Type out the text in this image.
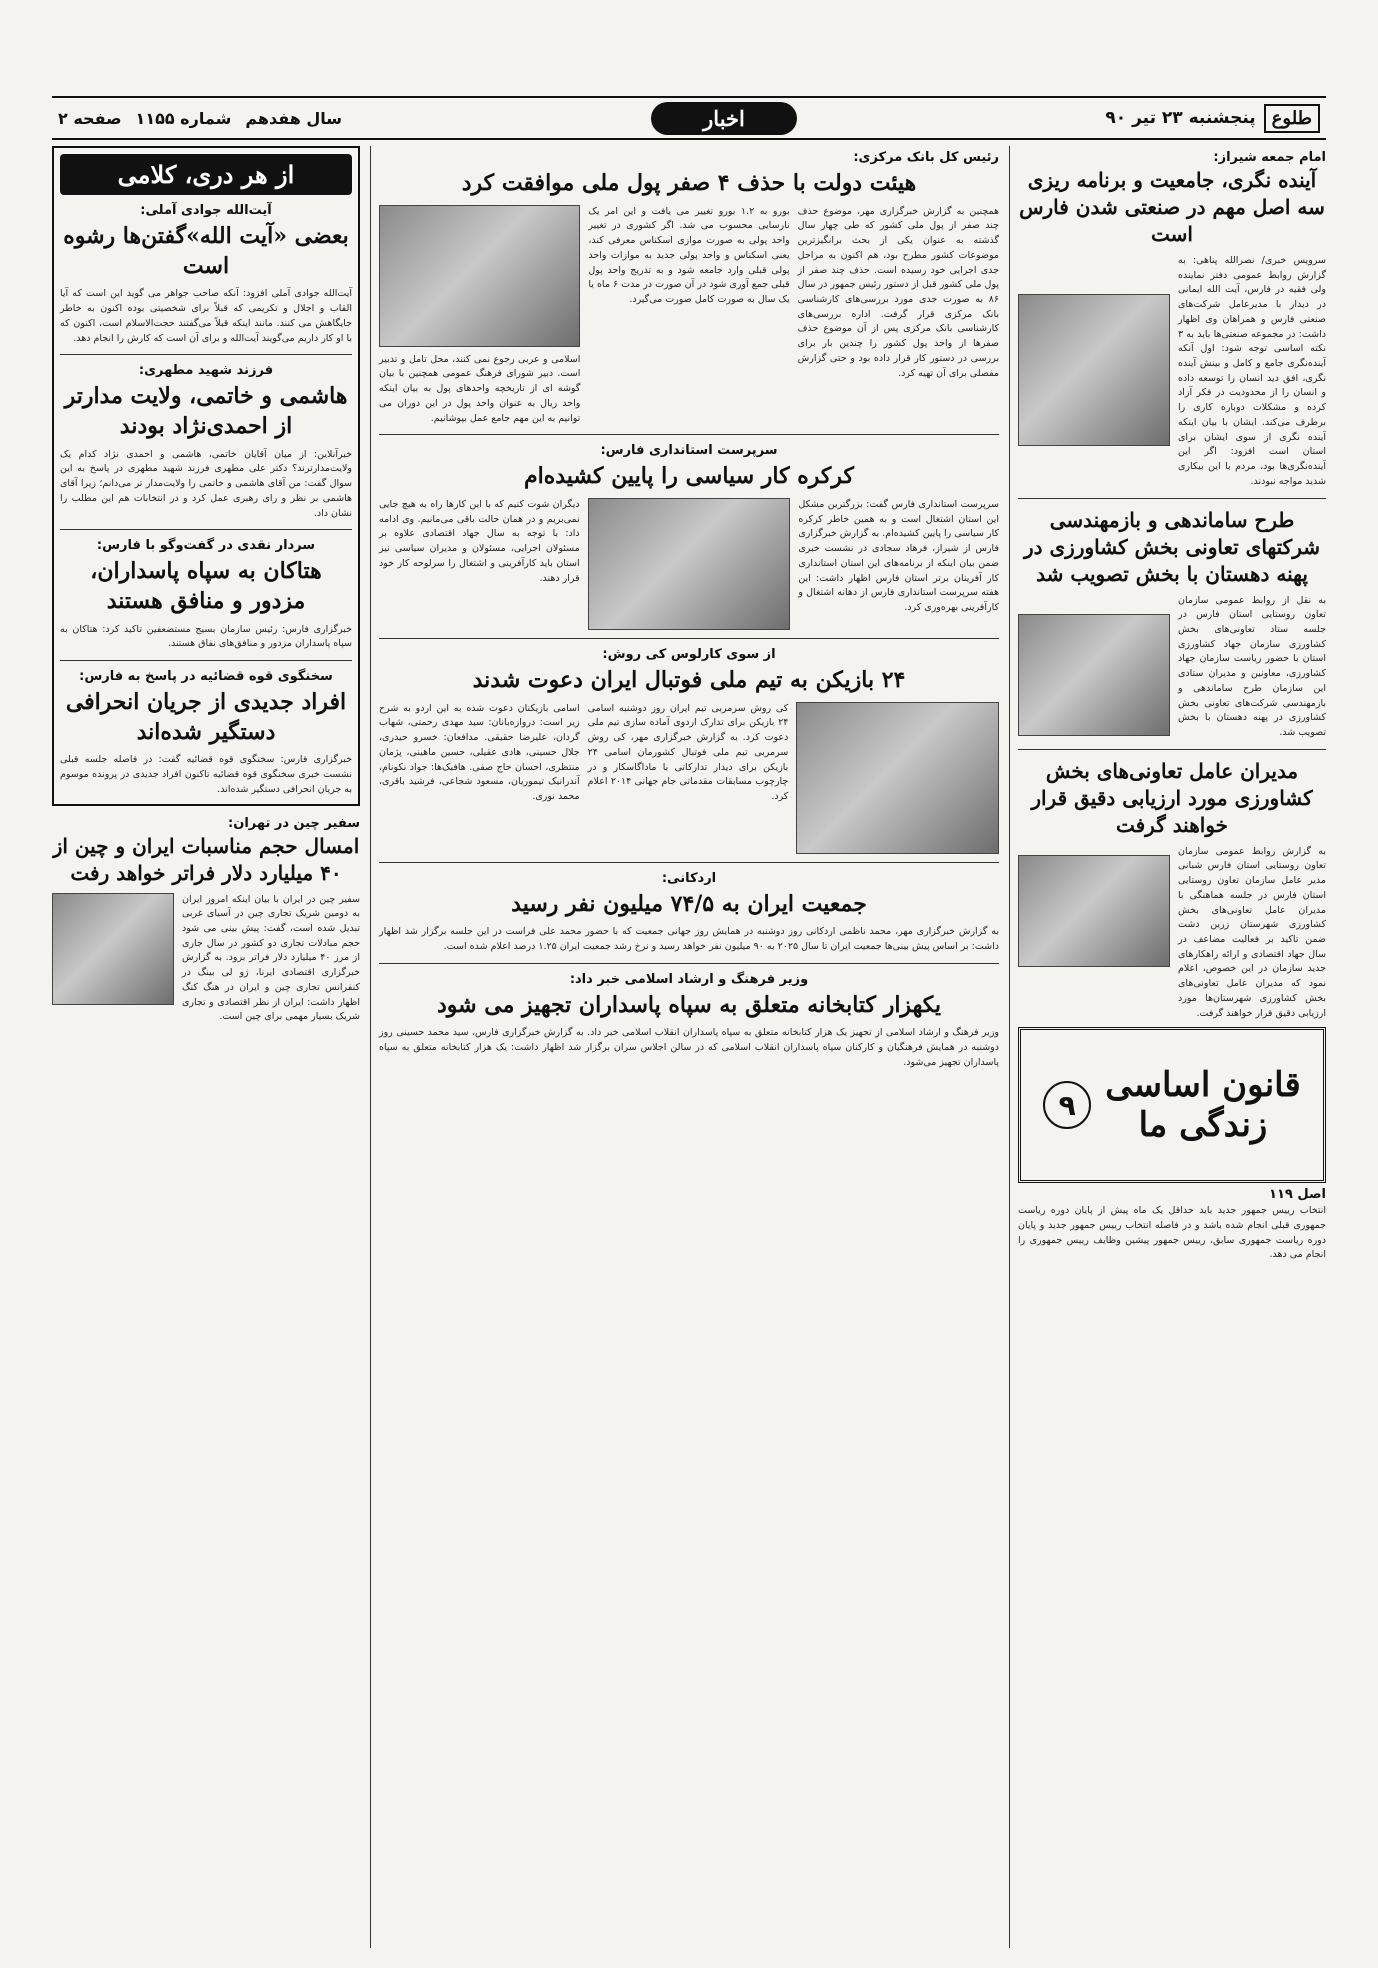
طلوع
پنجشنبه ۲۳ تیر ۹۰
اخبار
سال هفدهم
شماره ۱۱۵۵
صفحه ۲
امام جمعه شیراز:
آینده نگری، جامعیت و برنامه ریزی سه اصل مهم در صنعتی شدن فارس است
سرویس خبری/ نصرالله پناهی: به گزارش روابط عمومی دفتر نماینده ولی فقیه در فارس، آیت الله ایمانی در دیدار با مدیرعامل شرکت‌های صنعتی فارس و همراهان وی اظهار داشت: در مجموعه صنعتی‌ها باید به ۳ نکته اساسی توجه شود: اول آنکه آینده‌نگری جامع و کامل و بینش آینده نگری، افق دید انسان را توسعه داده و انسان را از محدودیت در فکر آزاد کرده و مشکلات دوباره کاری را برطرف می‌کند. ایشان با بیان اینکه آینده نگری از سوی ایشان برای استان است افزود: اگر این آینده‌نگری‌ها بود، مردم با این بیکاری شدید مواجه نبودند.
طرح ساماندهی و بازمهندسی شرکتهای تعاونی بخش کشاورزی در پهنه دهستان با بخش تصویب شد
به نقل از روابط عمومی سازمان تعاون روستایی استان فارس در جلسه ستاد تعاونی‌های بخش کشاورزی سازمان جهاد کشاورزی استان با حضور ریاست سازمان جهاد کشاورزی، معاونین و مدیران ستادی این سازمان طرح ساماندهی و بازمهندسی شرکت‌های تعاونی بخش کشاورزی در پهنه دهستان با بخش تصویب شد.
مدیران عامل تعاونی‌های بخش کشاورزی مورد ارزیابی دقیق قرار خواهند گرفت
به گزارش روابط عمومی سازمان تعاون روستایی استان فارس شبانی مدیر عامل سازمان تعاون روستایی استان فارس در جلسه هماهنگی با مدیران عامل تعاونی‌های بخش کشاورزی شهرستان زرین دشت ضمن تاکید بر فعالیت مضاعف در سال جهاد اقتصادی و ارائه راهکارهای جدید سازمان در این خصوص، اعلام نمود که مدیران عامل تعاونی‌های بخش کشاورزی شهرستان‌ها مورد ارزیابی دقیق قرار خواهند گرفت.
قانون اساسی
زندگی ما
۹
اصل ۱۱۹
انتخاب رییس جمهور جدید باید حداقل یک ماه پیش از پایان دوره ریاست جمهوری قبلی انجام شده باشد و در فاصله انتخاب رییس جمهور جدید و پایان دوره ریاست جمهوری سابق، رییس جمهور پیشین وظایف رییس جمهوری را انجام می دهد.
رئیس کل بانک مرکزی:
هیئت دولت با حذف ۴ صفر پول ملی موافقت کرد
همچنین به گزارش خبرگزاری مهر، موضوع حذف چند صفر از پول ملی کشور که طی چهار سال گذشته به عنوان یکی از بحث برانگیزترین موضوعات کشور مطرح بود، هم اکنون به مراحل جدی اجرایی خود رسیده است. حذف چند صفر از پول ملی کشور قبل از دستور رئیس جمهور در سال ۸۶ به صورت جدی مورد بررسی‌های کارشناسی بانک مرکزی قرار گرفت. اداره بررسی‌های کارشناسی بانک مرکزی پس از آن موضوع حذف صفرها از واحد پول کشور را چندین بار برای بررسی در دستور کار قرار داده بود و حتی گزارش مفصلی برای آن تهیه کرد.
بورو به ۱.۲ بورو تغییر می یافت و این امر یک نارسایی محسوب می شد. اگر کشوری در تغییر واحد پولی به صورت موازی اسکناس معرفی کند، یعنی اسکناس و واحد پولی جدید به موازات واحد پولی قبلی وارد جامعه شود و به تدریج واحد پول قبلی جمع آوری شود در آن صورت در مدت ۶ ماه یا یک سال به صورت کامل صورت می‌گیرد.
اسلامی و عربی رجوع نمی کنند، محل تامل و تدبیر است. دبیر شورای فرهنگ عمومی همچنین با بیان گوشه ای از تاریخچه واحدهای پول به بیان اینکه واحد ریال به عنوان واحد پول در این دوران می توانیم به این مهم جامع عمل بپوشانیم.
سرپرست استانداری فارس:
کرکره کار سیاسی را پایین کشیده‌ام
سرپرست استانداری فارس گفت: بزرگترین مشکل این استان اشتغال است و به همین خاطر کرکره کار سیاسی را پایین کشیده‌ام. به گزارش خبرگزاری فارس از شیراز، فرهاد سجادی در نشست خبری ضمن بیان اینکه از برنامه‌های این استان استانداری کار آفرینان برتر استان فارس اظهار داشت: این هفته سرپرست استانداری فارس از دهانه اشتغال و کارآفرینی بهره‌وری کرد.
دیگران شوت کنیم که با این کارها راه به هیچ جایی نمی‌بریم و در همان حالت باقی می‌مانیم. وی ادامه داد: با توجه به سال جهاد اقتصادی علاوه بر مسئولان اجرایی، مسئولان و مدیران سیاسی نیز استان باید کارآفرینی و اشتغال را سرلوحه کار خود قرار دهند.
از سوی کارلوس کی روش:
۲۴ بازیکن به تیم ملی فوتبال ایران دعوت شدند
کی روش سرمربی تیم ایران روز دوشنبه اسامی ۲۴ بازیکن برای تدارک اردوی آماده سازی تیم ملی دعوت کرد. به گزارش خبرگزاری مهر، کی روش سرمربی تیم ملی فوتبال کشورمان اسامی ۲۴ بازیکن برای دیدار تدارکاتی با ماداگاسکار و در چارچوب مسابقات مقدماتی جام جهانی ۲۰۱۴ اعلام کرد.
اسامی بازیکنان دعوت شده به این اردو به شرح زیر است: دروازه‌بانان: سید مهدی رحمتی، شهاب گردان، علیرضا حقیقی. مدافعان: خسرو حیدری، جلال حسینی، هادی عقیلی، حسین ماهینی، پژمان منتظری، احسان حاج صفی. هافبک‌ها: جواد نکونام، آندرانیک تیموریان، مسعود شجاعی، فرشید باقری، محمد نوری.
اردکانی:
جمعیت ایران به ۷۴/۵ میلیون نفر رسید
به گزارش خبرگزاری مهر، محمد ناظمی اردکانی روز دوشنبه در همایش روز جهانی جمعیت که با حضور محمد علی فراست در این جلسه برگزار شد اظهار داشت: بر اساس پیش بینی‌ها جمعیت ایران تا سال ۲۰۲۵ به ۹۰ میلیون نفر خواهد رسید و نرخ رشد جمعیت ایران ۱.۲۵ درصد اعلام شده است.
وزیر فرهنگ و ارشاد اسلامی خبر داد:
یکهزار کتابخانه متعلق به سپاه پاسداران تجهیز می شود
وزیر فرهنگ و ارشاد اسلامی از تجهیز یک هزار کتابخانه متعلق به سپاه پاسداران انقلاب اسلامی خبر داد. به گزارش خبرگزاری فارس، سید محمد حسینی روز دوشنبه در همایش فرهنگیان و کارکنان سپاه پاسداران انقلاب اسلامی که در سالن اجلاس سران برگزار شد اظهار داشت: یک هزار کتابخانه متعلق به سپاه پاسداران تجهیز می‌شود.
از هر دری، کلامی
آیت‌الله جوادی آملی:
بعضی «آیت الله»گفتن‌ها رشوه است
آیت‌الله جوادی آملی افزود: آنکه صاحب جواهر می گوید این است که آیا القاب و اجلال و تکریمی که قبلاً برای شخصیتی بوده اکنون به خاطر جایگاهش می کنند. مانند اینکه قبلاً می‌گفتند حجت‌الاسلام است، اکنون که با او کار داریم می‌گویند آیت‌الله و برای آن است که کارش را انجام دهد.
فرزند شهید مطهری:
هاشمی و خاتمی، ولایت مدارتر از احمدی‌نژاد بودند
خبرآنلاین: از میان آقایان خاتمی، هاشمی و احمدی نژاد کدام یک ولایت‌مدار‌ترند؟ دکتر علی مطهری فرزند شهید مطهری در پاسخ به این سوال گفت: من آقای هاشمی و خاتمی را ولایت‌مدار تر می‌دانم؛ زیرا آقای هاشمی بر نظر و رای رهبری عمل کرد و در انتخابات هم این مطلب را نشان داد.
سردار نقدی در گفت‌وگو با فارس:
هتاکان به سپاه پاسداران، مزدور و منافق هستند
خبرگزاری فارس: رئیس سازمان بسیج مستضعفین تاکید کرد: هتاکان به سپاه پاسداران مزدور و منافق‌های نفاق هستند.
سخنگوی قوه قضائیه در پاسخ به فارس:
افراد جدیدی از جریان انحرافی دستگیر شده‌اند
خبرگزاری فارس: سخنگوی قوه قضائیه گفت: در فاصله جلسه قبلی نشست خبری سخنگوی قوه قضائیه تاکنون افراد جدیدی در پرونده موسوم به جریان انحرافی دستگیر شده‌اند.
سفیر چین در تهران:
امسال حجم مناسبات ایران و چین از ۴۰ میلیارد دلار فراتر خواهد رفت
سفیر چین در ایران با بیان اینکه امروز ایران به دومین شریک تجاری چین در آسیای غربی تبدیل شده است، گفت: پیش بینی می شود حجم مبادلات تجاری دو کشور در سال جاری از مرز ۴۰ میلیارد دلار فراتر برود. به گزارش خبرگزاری اقتصادی ایرنا، ژو لی بینگ در کنفرانس تجاری چین و ایران در هنگ کنگ اظهار داشت: ایران از نظر اقتصادی و تجاری شریک بسیار مهمی برای چین است.
